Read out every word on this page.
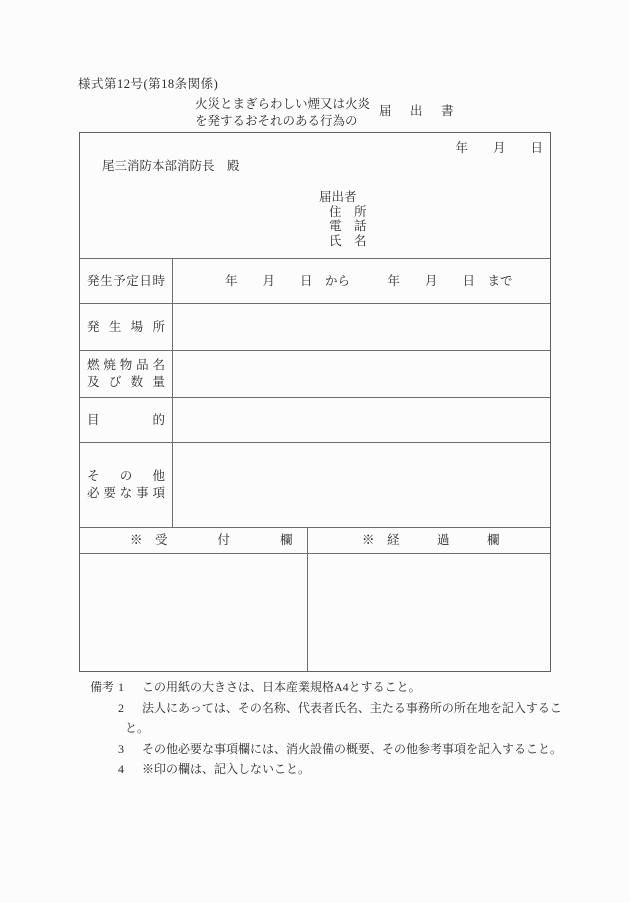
様式第12号(第18条関係)
火災とまぎらわしい煙又は火炎
を発するおそれのある行為の
届　出　書
年　　月　　日
尾三消防本部消防長　殿
届出者
住　所
電　話
氏　名
発生予定日時	年　　月　　日　から　　　年　　月　　日　まで
発生場所
燃焼物品名
及び数量
目的
その他
必要な事項
※　受　　　　付　　　　欄	※　経　　　過　　　欄
備考 1	この用紙の大きさは、日本産業規格A4とすること。
2	法人にあっては、その名称、代表者氏名、主たる事務所の所在地を記入するこ
と。
3	その他必要な事項欄には、消火設備の概要、その他参考事項を記入すること。
4	※印の欄は、記入しないこと。
